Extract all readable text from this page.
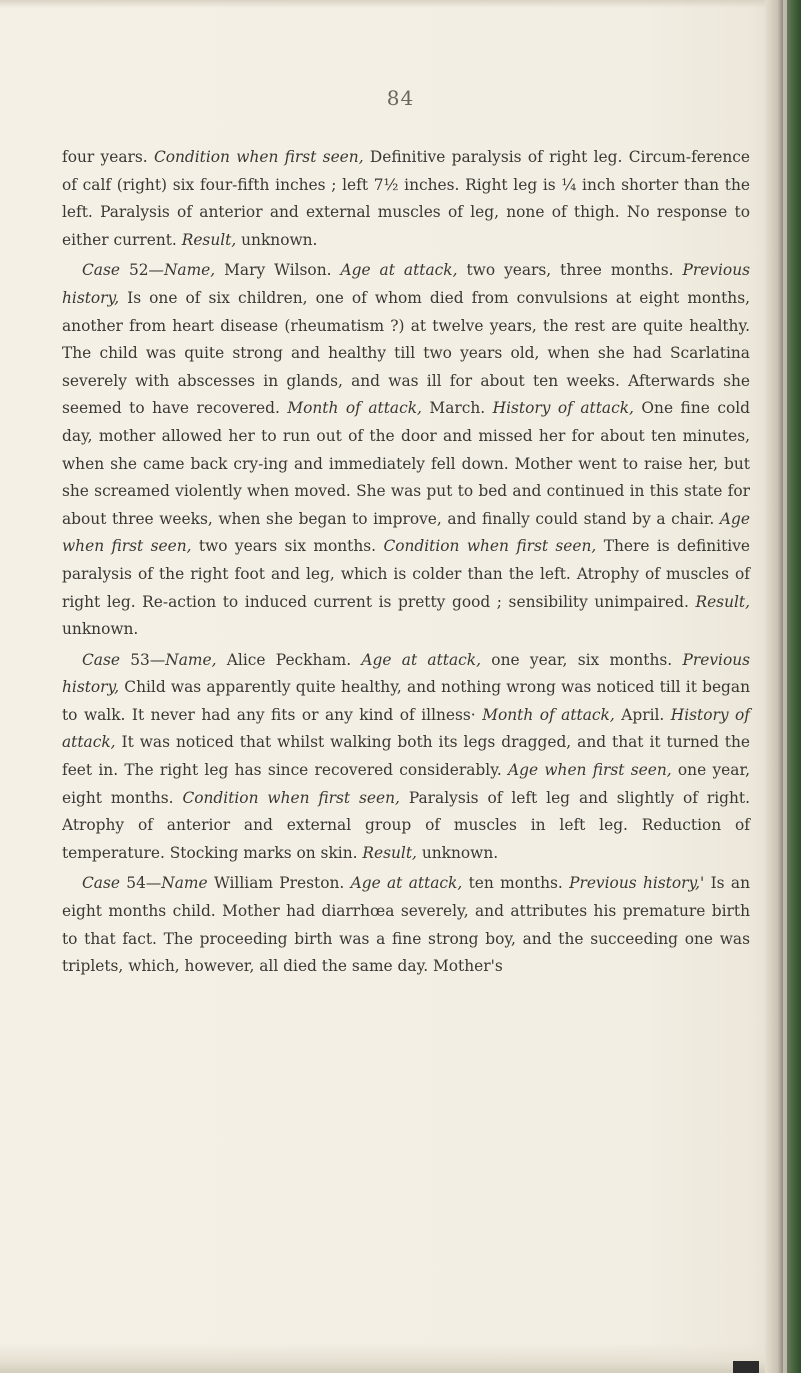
84

four years. Condition when first seen, Definitive paralysis of right leg. Circum-ference of calf (right) six four-fifth inches ; left 7½ inches. Right leg is ¼ inch shorter than the left. Paralysis of anterior and external muscles of leg, none of thigh. No response to either current. Result, unknown.

Case 52—Name, Mary Wilson. Age at attack, two years, three months. Previous history, Is one of six children, one of whom died from convulsions at eight months, another from heart disease (rheumatism ?) at twelve years, the rest are quite healthy. The child was quite strong and healthy till two years old, when she had Scarlatina severely with abscesses in glands, and was ill for about ten weeks. Afterwards she seemed to have recovered. Month of attack, March. History of attack, One fine cold day, mother allowed her to run out of the door and missed her for about ten minutes, when she came back cry-ing and immediately fell down. Mother went to raise her, but she screamed violently when moved. She was put to bed and continued in this state for about three weeks, when she began to improve, and finally could stand by a chair. Age when first seen, two years six months. Condition when first seen, There is definitive paralysis of the right foot and leg, which is colder than the left. Atrophy of muscles of right leg. Re-action to induced current is pretty good ; sensibility unimpaired. Result, unknown.

Case 53—Name, Alice Peckham. Age at attack, one year, six months. Previous history, Child was apparently quite healthy, and nothing wrong was noticed till it began to walk. It never had any fits or any kind of illness· Month of attack, April. History of attack, It was noticed that whilst walking both its legs dragged, and that it turned the feet in. The right leg has since recovered considerably. Age when first seen, one year, eight months. Condition when first seen, Paralysis of left leg and slightly of right. Atrophy of anterior and external group of muscles in left leg. Reduction of temperature. Stocking marks on skin. Result, unknown.

Case 54—Name William Preston. Age at attack, ten months. Previous history,' Is an eight months child. Mother had diarrhœa severely, and attributes his premature birth to that fact. The proceeding birth was a fine strong boy, and the succeeding one was triplets, which, however, all died the same day. Mother's
